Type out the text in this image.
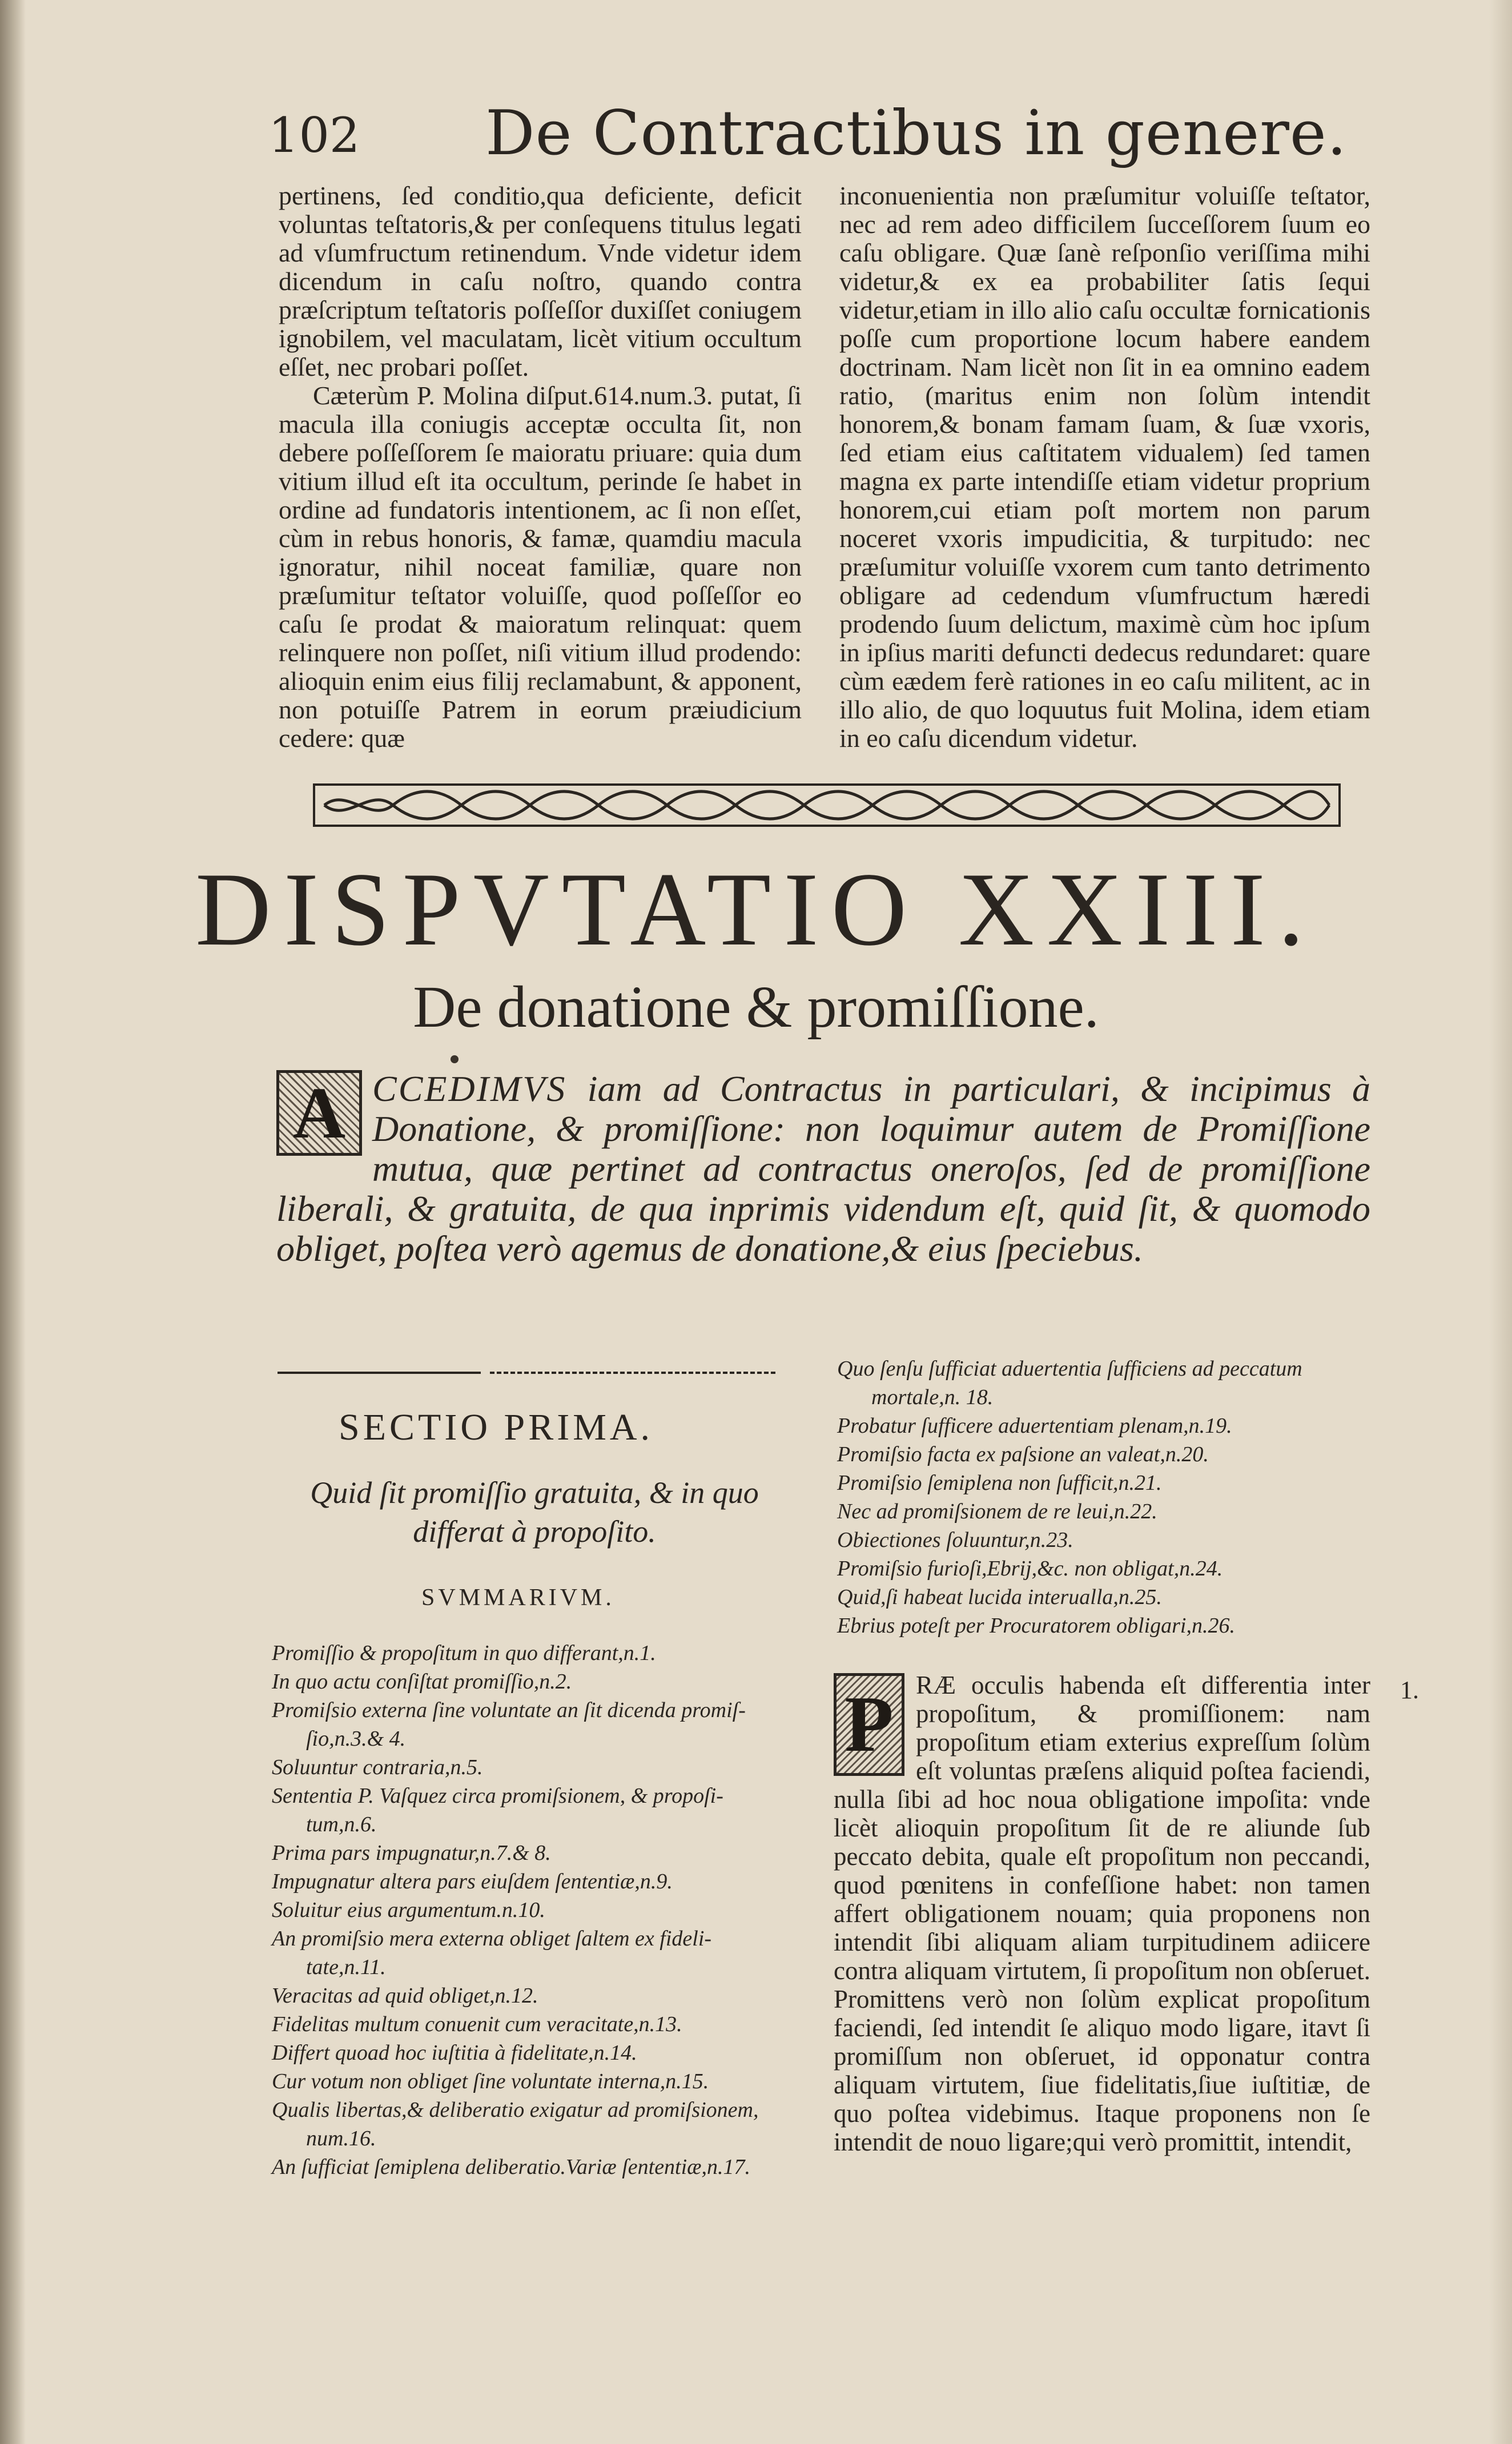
102 De Contractibus in genere.

pertinens, ſed conditio,qua deficiente, deficit voluntas teſtatoris,& per conſequens titulus legati ad vſumfructum retinendum. Vnde videtur idem dicendum in caſu noſtro, quando contra præſcriptum teſtatoris poſſeſſor duxiſſet coniugem ignobilem, vel maculatam, licèt vitium occultum eſſet, nec probari poſſet.

Cæterùm P. Molina diſput.614.num.3. putat, ſi macula illa coniugis acceptæ occulta ſit, non debere poſſeſſorem ſe maioratu priuare: quia dum vitium illud eſt ita occultum, perinde ſe habet in ordine ad fundatoris intentionem, ac ſi non eſſet, cùm in rebus honoris, & famæ, quamdiu macula ignoratur, nihil noceat familiæ, quare non præſumitur teſtator voluiſſe, quod poſſeſſor eo caſu ſe prodat & maioratum relinquat: quem relinquere non poſſet, niſi vitium illud prodendo: alioquin enim eius filij reclamabunt, & apponent, non potuiſſe Patrem in eorum præiudicium cedere: quæ

inconuenientia non præſumitur voluiſſe teſtator, nec ad rem adeo difficilem ſucceſſorem ſuum eo caſu obligare. Quæ ſanè reſponſio veriſſima mihi videtur,& ex ea probabiliter ſatis ſequi videtur,etiam in illo alio caſu occultæ fornicationis poſſe cum proportione locum habere eandem doctrinam. Nam licèt non ſit in ea omnino eadem ratio, (maritus enim non ſolùm intendit honorem,& bonam famam ſuam, & ſuæ vxoris, ſed etiam eius caſtitatem vidualem) ſed tamen magna ex parte intendiſſe etiam videtur proprium honorem,cui etiam poſt mortem non parum noceret vxoris impudicitia, & turpitudo: nec præſumitur voluiſſe vxorem cum tanto detrimento obligare ad cedendum vſumfructum hæredi prodendo ſuum delictum, maximè cùm hoc ipſum in ipſius mariti defuncti dedecus redundaret: quare cùm eædem ferè rationes in eo caſu militent, ac in illo alio, de quo loquutus fuit Molina, idem etiam in eo caſu dicendum videtur.

DISPVTATIO XXIII.
De donatione & promiſſione.
A CCEDIMVS iam ad Contractus in particulari, & incipimus à Donatione, & promiſſione: non loquimur autem de Promiſſione mutua, quæ pertinet ad contractus oneroſos, ſed de promiſſione liberali, & gratuita, de qua inprimis videndum eſt, quid ſit, & quomodo obliget, poſtea verò agemus de donatione,& eius ſpeciebus.
SECTIO PRIMA.
Quid ſit promiſſio gratuita, & in quo differat à propoſito.
SVMMARIVM.
Promiſſio & propoſitum in quo differant,n.1.
In quo actu conſiſtat promiſſio,n.2.
Promiſsio externa ſine voluntate an ſit dicenda promiſ-
ſio,n.3.& 4.
Soluuntur contraria,n.5.
Sententia P. Vaſquez circa promiſsionem, & propoſi-
tum,n.6.
Prima pars impugnatur,n.7.& 8.
Impugnatur altera pars eiuſdem ſententiæ,n.9.
Soluitur eius argumentum.n.10.
An promiſsio mera externa obliget ſaltem ex fideli-
tate,n.11.
Veracitas ad quid obliget,n.12.
Fidelitas multum conuenit cum veracitate,n.13.
Differt quoad hoc iuſtitia à fidelitate,n.14.
Cur votum non obliget ſine voluntate interna,n.15.
Qualis libertas,& deliberatio exigatur ad promiſsionem,
num.16.
An ſufficiat ſemiplena deliberatio.Variæ ſententiæ,n.17.
Quo ſenſu ſufficiat aduertentia ſufficiens ad peccatum
mortale,n. 18.
Probatur ſufficere aduertentiam plenam,n.19.
Promiſsio facta ex paſsione an valeat,n.20.
Promiſsio ſemiplena non ſufficit,n.21.
Nec ad promiſsionem de re leui,n.22.
Obiectiones ſoluuntur,n.23.
Promiſsio furioſi,Ebrij,&c. non obligat,n.24.
Quid,ſi habeat lucida interualla,n.25.
Ebrius poteſt per Procuratorem obligari,n.26.
P RÆ occulis habenda eſt differentia inter propoſitum, & promiſſionem: nam propoſitum etiam exterius expreſſum ſolùm eſt voluntas præſens aliquid poſtea faciendi, nulla ſibi ad hoc noua obligatione impoſita: vnde licèt alioquin propoſitum ſit de re aliunde ſub peccato debita, quale eſt propoſitum non peccandi, quod pœnitens in confeſſione habet: non tamen affert obligationem nouam; quia proponens non intendit ſibi aliquam aliam turpitudinem adiicere contra aliquam virtutem, ſi propoſitum non obſeruet. Promittens verò non ſolùm explicat propoſitum faciendi, ſed intendit ſe aliquo modo ligare, itavt ſi promiſſum non obſeruet, id opponatur contra aliquam virtutem, ſiue fidelitatis,ſiue iuſtitiæ, de quo poſtea videbimus. Itaque proponens non ſe intendit de nouo ligare;qui verò promittit, intendit,
1.
